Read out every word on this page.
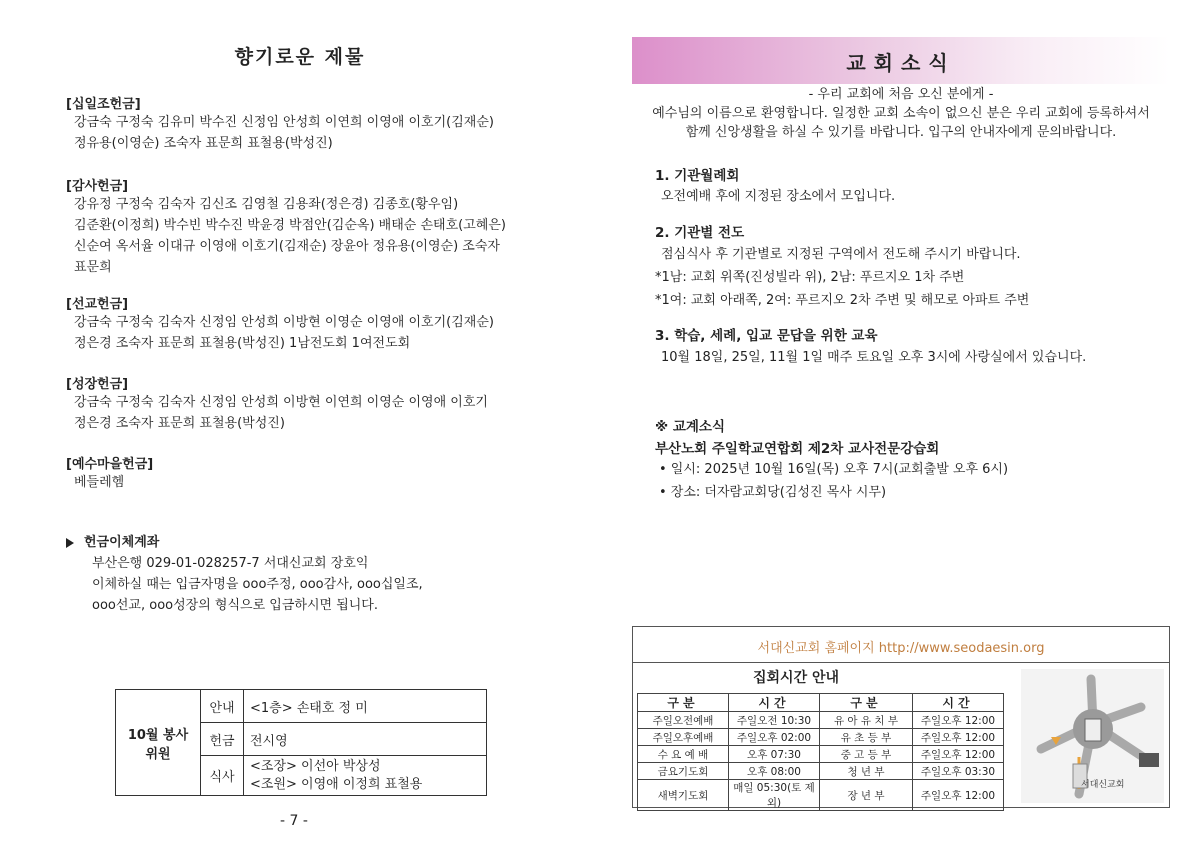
향기로운 제물
[십일조헌금]
강금숙 구정숙 김유미 박수진 신정임 안성희 이연희 이영애 이호기(김재순)
정유용(이영순) 조숙자 표문희 표철용(박성진)
[감사헌금]
강유정 구정숙 김숙자 김신조 김영철 김용좌(정은경) 김종호(황우임)
김준환(이정희) 박수빈 박수진 박윤경 박점안(김순옥) 배태순 손태호(고혜은)
신순여 옥서율 이대규 이영애 이호기(김재순) 장윤아 정유용(이영순) 조숙자
표문희
[선교헌금]
강금숙 구정숙 김숙자 신정임 안성희 이방현 이영순 이영애 이호기(김재순)
정은경 조숙자 표문희 표철용(박성진) 1남전도회 1여전도회
[성장헌금]
강금숙 구정숙 김숙자 신정임 안성희 이방현 이연희 이영순 이영애 이호기
정은경 조숙자 표문희 표철용(박성진)
[예수마을헌금]
베들레헴
헌금이체계좌
부산은행 029-01-028257-7 서대신교회 장호익
이체하실 때는 입금자명을 ooo주정, ooo감사, ooo십일조,
ooo선교, ooo성장의 형식으로 입금하시면 됩니다.
10월 봉사위원	안내	<1층> 손태호 정 미
	헌금	전시영
	식사	<조장> 이선아 박상성
<조원> 이영애 이정희 표철용
- 7 -
교회소식
- 우리 교회에 처음 오신 분에게 -
예수님의 이름으로 환영합니다. 일정한 교회 소속이 없으신 분은 우리 교회에 등록하셔서
함께 신앙생활을 하실 수 있기를 바랍니다. 입구의 안내자에게 문의바랍니다.
1. 기관월례회
오전예배 후에 지정된 장소에서 모입니다.
2. 기관별 전도
점심식사 후 기관별로 지정된 구역에서 전도해 주시기 바랍니다.
*1남: 교회 위쪽(진성빌라 위), 2남: 푸르지오 1차 주변
*1여: 교회 아래쪽, 2여: 푸르지오 2차 주변 및 해모로 아파트 주변
3. 학습, 세례, 입교 문답을 위한 교육
10월 18일, 25일, 11월 1일 매주 토요일 오후 3시에 사랑실에서 있습니다.
※ 교계소식
부산노회 주일학교연합회 제2차 교사전문강습회
• 일시: 2025년 10월 16일(목) 오후 7시(교회출발 오후 6시)
• 장소: 더자람교회당(김성진 목사 시무)
서대신교회 홈페이지 http://www.seodaesin.org
집회시간 안내
구분	시간	구분	시간
주일오전예배	주일오전 10:30	유 아 유 치 부	주일오후 12:00
주일오후예배	주일오후 02:00	유 초 등 부	주일오후 12:00
수 요 예 배	오후 07:30	중 고 등 부	주일오후 12:00
금요기도회	오후 08:00	청 년 부	주일오후 03:30
새벽기도회	매일 05:30(토 제외)	장 년 부	주일오후 12:00
서대신교회
